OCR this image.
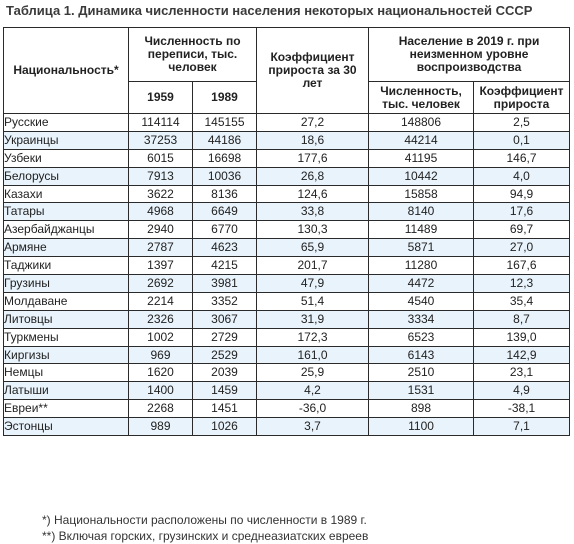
Таблица 1. Динамика численности населения некоторых национальностей СССР
Национальность*	Численность по переписи, тыс. человек		Коэффициент прироста за 30 лет	Население в 2019 г. при неизменном уровне воспроизводства	
	1959	1989		Численность, тыс. человек	Коэффициент прироста
Русские	114114	145155	27,2	148806	2,5
Украинцы	37253	44186	18,6	44214	0,1
Узбеки	6015	16698	177,6	41195	146,7
Белорусы	7913	10036	26,8	10442	4,0
Казахи	3622	8136	124,6	15858	94,9
Татары	4968	6649	33,8	8140	17,6
Азербайджанцы	2940	6770	130,3	11489	69,7
Армяне	2787	4623	65,9	5871	27,0
Таджики	1397	4215	201,7	11280	167,6
Грузины	2692	3981	47,9	4472	12,3
Молдаване	2214	3352	51,4	4540	35,4
Литовцы	2326	3067	31,9	3334	8,7
Туркмены	1002	2729	172,3	6523	139,0
Киргизы	969	2529	161,0	6143	142,9
Немцы	1620	2039	25,9	2510	23,1
Латыши	1400	1459	4,2	1531	4,9
Евреи**	2268	1451	-36,0	898	-38,1
Эстонцы	989	1026	3,7	1100	7,1
*) Национальности расположены по численности в 1989 г.
**) Включая горских, грузинских и среднеазиатских евреев
